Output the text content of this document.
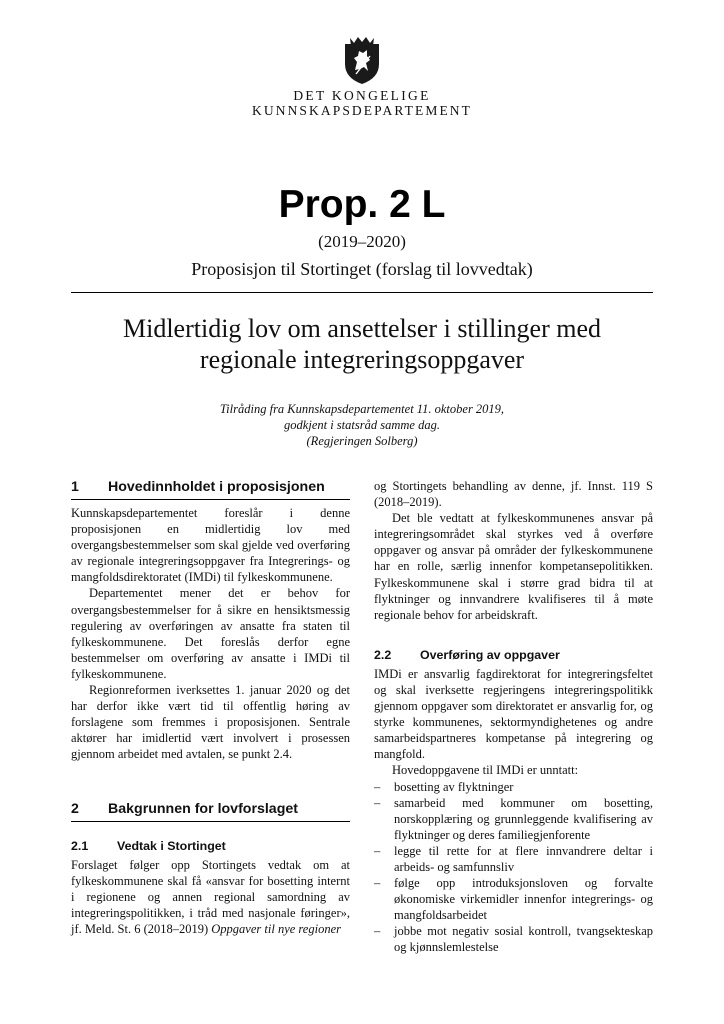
DET KONGELIGE
KUNNSKAPSDEPARTEMENT
Prop. 2 L
(2019–2020)
Proposisjon til Stortinget (forslag til lovvedtak)
Midlertidig lov om ansettelser i stillinger med
regionale integreringsoppgaver
Tilråding fra Kunnskapsdepartementet 11. oktober 2019,
godkjent i statsråd samme dag.
(Regjeringen Solberg)
1	Hovedinnholdet i proposisjonen

Kunnskapsdepartementet foreslår i denne proposisjonen en midlertidig lov med overgangsbestemmelser som skal gjelde ved overføring av regionale integreringsoppgaver fra Integrerings- og mangfoldsdirektoratet (IMDi) til fylkeskommunene.

Departementet mener det er behov for overgangsbestemmelser for å sikre en hensiktsmessig regulering av overføringen av ansatte fra staten til fylkeskommunene. Det foreslås derfor egne bestemmelser om overføring av ansatte i IMDi til fylkeskommunene.

Regionreformen iverksettes 1. januar 2020 og det har derfor ikke vært tid til offentlig høring av forslagene som fremmes i proposisjonen. Sentrale aktører har imidlertid vært involvert i prosessen gjennom arbeidet med avtalen, se punkt 2.4.

2	Bakgrunnen for lovforslaget
2.1	Vedtak i Stortinget

Forslaget følger opp Stortingets vedtak om at fylkeskommunene skal få «ansvar for bosetting internt i regionene og annen regional samordning av integreringspolitikken, i tråd med nasjonale føringer», jf. Meld. St. 6 (2018–2019) Oppgaver til nye regioner

og Stortingets behandling av denne, jf. Innst. 119 S (2018–2019).

Det ble vedtatt at fylkeskommunenes ansvar på integreringsområdet skal styrkes ved å overføre oppgaver og ansvar på områder der fylkeskommunene har en rolle, særlig innenfor kompetansepolitikken. Fylkeskommunene skal i større grad bidra til at flyktninger og innvandrere kvalifiseres til å møte regionale behov for arbeidskraft.

2.2	Overføring av oppgaver

IMDi er ansvarlig fagdirektorat for integreringsfeltet og skal iverksette regjeringens integreringspolitikk gjennom oppgaver som direktoratet er ansvarlig for, og styrke kommunenes, sektormyndighetenes og andre samarbeidspartneres kompetanse på integrering og mangfold.

Hovedoppgavene til IMDi er unntatt:

– bosetting av flyktninger
– samarbeid med kommuner om bosetting, norskopplæring og grunnleggende kvalifisering av flyktninger og deres familiegjenforente
– legge til rette for at flere innvandrere deltar i arbeids- og samfunnsliv
– følge opp introduksjonsloven og forvalte økonomiske virkemidler innenfor integrerings- og mangfoldsarbeidet
– jobbe mot negativ sosial kontroll, tvangsekteskap og kjønnslemlestelse
